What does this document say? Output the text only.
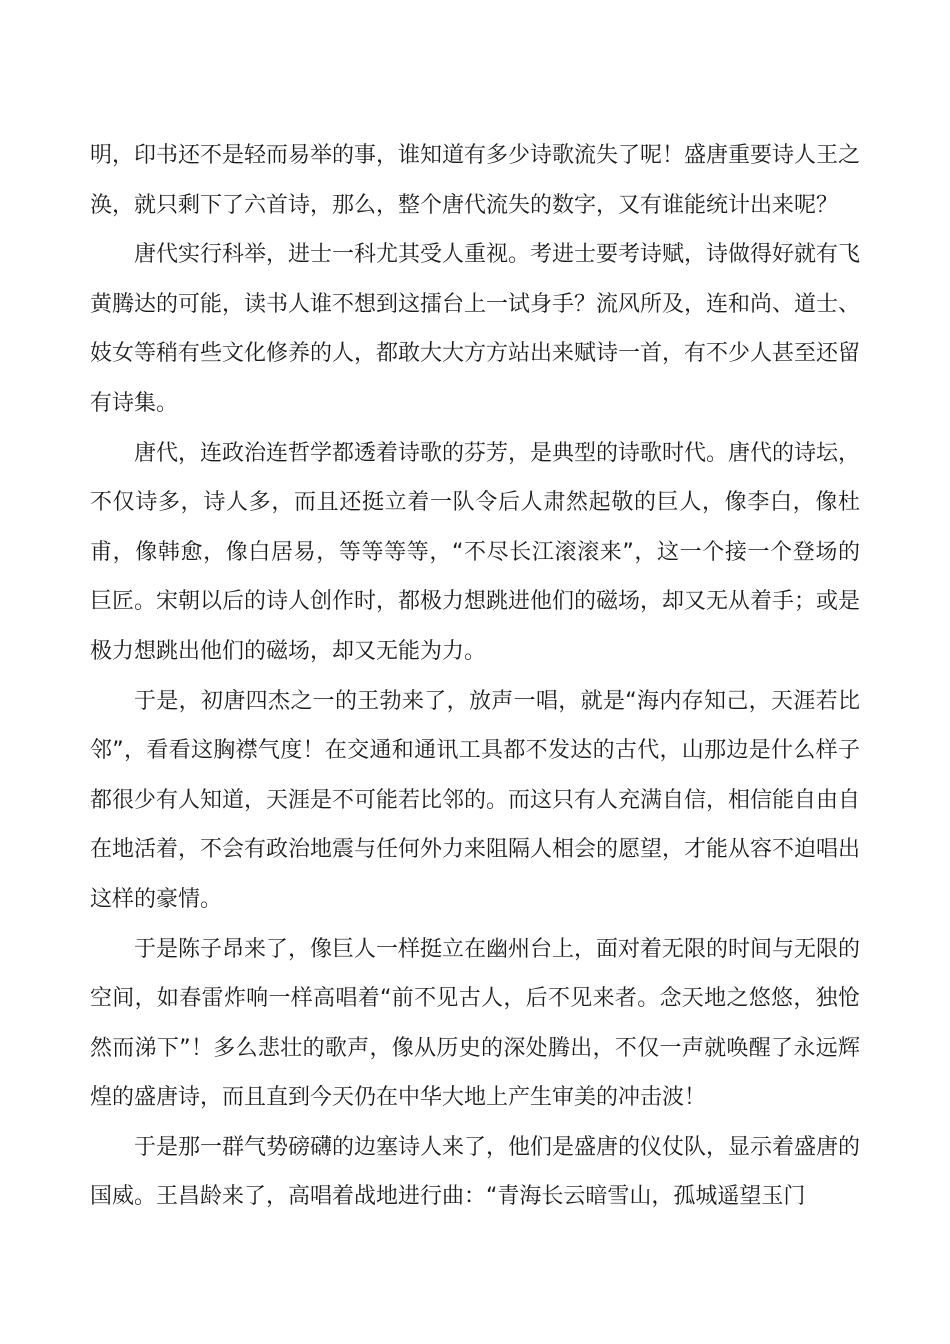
明，印书还不是轻而易举的事，谁知道有多少诗歌流失了呢！盛唐重要诗人王之涣，就只剩下了六首诗，那么，整个唐代流失的数字，又有谁能统计出来呢？

唐代实行科举，进士一科尤其受人重视。考进士要考诗赋，诗做得好就有飞黄腾达的可能，读书人谁不想到这擂台上一试身手？流风所及，连和尚、道士、妓女等稍有些文化修养的人，都敢大大方方站出来赋诗一首，有不少人甚至还留有诗集。

唐代，连政治连哲学都透着诗歌的芬芳，是典型的诗歌时代。唐代的诗坛，不仅诗多，诗人多，而且还挺立着一队令后人肃然起敬的巨人，像李白，像杜甫，像韩愈，像白居易，等等等等，“不尽长江滚滚来”，这一个接一个登场的巨匠。宋朝以后的诗人创作时，都极力想跳进他们的磁场，却又无从着手；或是极力想跳出他们的磁场，却又无能为力。

于是，初唐四杰之一的王勃来了，放声一唱，就是“海内存知己，天涯若比邻”，看看这胸襟气度！在交通和通讯工具都不发达的古代，山那边是什么样子都很少有人知道，天涯是不可能若比邻的。而这只有人充满自信，相信能自由自在地活着，不会有政治地震与任何外力来阻隔人相会的愿望，才能从容不迫唱出这样的豪情。

于是陈子昂来了，像巨人一样挺立在幽州台上，面对着无限的时间与无限的空间，如春雷炸响一样高唱着“前不见古人，后不见来者。念天地之悠悠，独怆然而涕下”！多么悲壮的歌声，像从历史的深处腾出，不仅一声就唤醒了永远辉煌的盛唐诗，而且直到今天仍在中华大地上产生审美的冲击波！

于是那一群气势磅礴的边塞诗人来了，他们是盛唐的仪仗队，显示着盛唐的国威。王昌龄来了，高唱着战地进行曲：“青海长云暗雪山，孤城遥望玉门
